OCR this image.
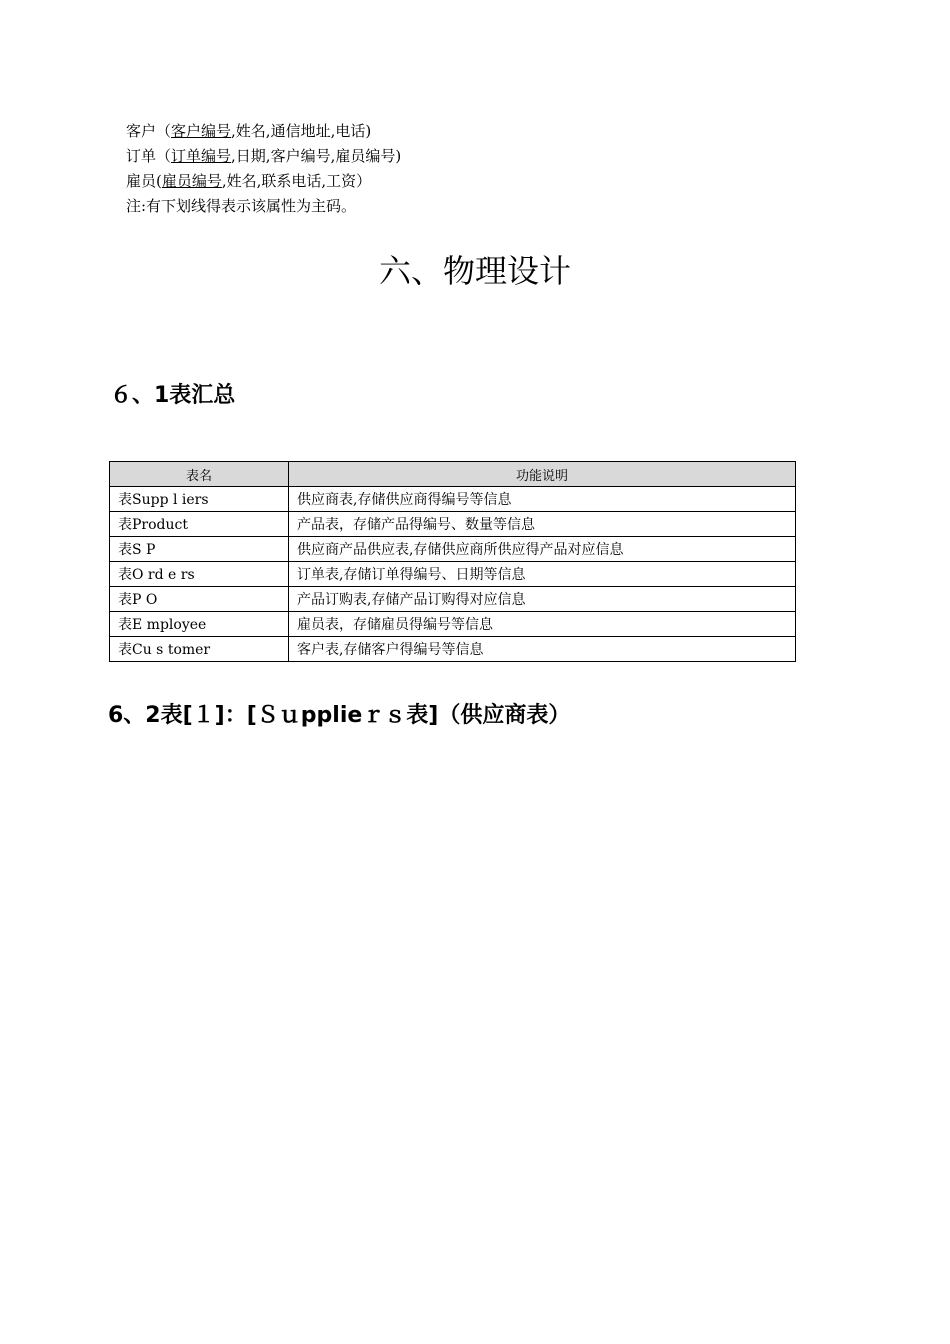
客户（客户编号,姓名,通信地址,电话)
订单（订单编号,日期,客户编号,雇员编号)
雇员(雇员编号,姓名,联系电话,工资）
注:有下划线得表示该属性为主码。
六、物理设计
６、1表汇总
表名	功能说明
表Supp l iers	供应商表,存储供应商得编号等信息
表Product	产品表，存储产品得编号、数量等信息
表S P	供应商产品供应表,存储供应商所供应得产品对应信息
表O rd e rs	订单表,存储订单得编号、日期等信息
表P O	产品订购表,存储产品订购得对应信息
表E mployee	雇员表，存储雇员得编号等信息
表Cu s tomer	客户表,存储客户得编号等信息
6、2表[１]：[Ｓｕpplieｒｓ表]（供应商表）
